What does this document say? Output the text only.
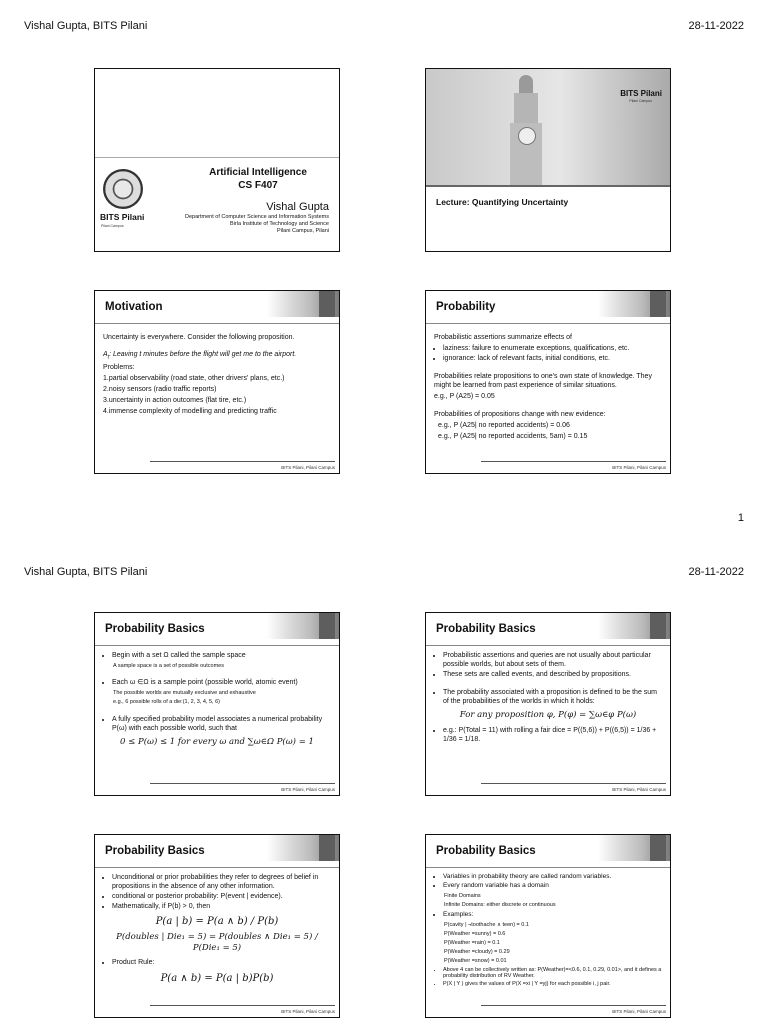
Vishal Gupta, BITS Pilani	28-11-2022
BITS Pilani
Pilani Campus
Artificial Intelligence
CS F407
Vishal Gupta
Department of Computer Science and Information Systems
Birla Institute of Technology and Science
Pilani Campus, Pilani
BITS Pilani
Pilani Campus
Lecture: Quantifying Uncertainty
Motivation

Uncertainty is everywhere. Consider the following proposition.

$A_t$: Leaving t minutes before the flight will get me to the airport.

Problems:

1.partial observability (road state, other drivers' plans, etc.)

2.noisy sensors (radio traffic reports)

3.uncertainty in action outcomes (flat tire, etc.)

4.immense complexity of modelling and predicting traffic

BITS Pilani, Pilani Campus
Probability

Probabilistic assertions summarize effects of

• laziness: failure to enumerate exceptions, qualifications, etc.
• ignorance: lack of relevant facts, initial conditions, etc.

Probabilities relate propositions to one's own state of knowledge. They might be learned from past experience of similar situations.

e.g., P (A25) = 0.05

Probabilities of propositions change with new evidence:

e.g., P (A25| no reported accidents) = 0.06

e.g., P (A25| no reported accidents, 5am) = 0.15

BITS Pilani, Pilani Campus
1
Vishal Gupta, BITS Pilani	28-11-2022
Probability Basics
• Begin with a set Ω called the sample space

A sample space is a set of possible outcomes

• Each ω ∈Ω is a sample point (possible world, atomic event)

The possible worlds are mutually exclusive and exhaustive

e.g., 6 possible rolls of a die:(1, 2, 3, 4, 5, 6)

• A fully specified probability model associates a numerical probability P(ω) with each possible world, such that
0 ≤ P(ω) ≤ 1 for every ω and ∑ω∈Ω P(ω) = 1
BITS Pilani, Pilani Campus
Probability Basics
• Probabilistic assertions and queries are not usually about particular possible worlds, but about sets of them.
• These sets are called events, and described by propositions.
• The probability associated with a proposition is defined to be the sum of the probabilities of the worlds in which it holds:
For any proposition φ, P(φ) = ∑ω∈φ P(ω)
• e.g.: P(Total = 11) with rolling a fair dice = P((5,6)) + P((6,5)) = 1/36 + 1/36 = 1/18.
BITS Pilani, Pilani Campus
Probability Basics
• Unconditional or prior probabilities they refer to degrees of belief in propositions in the absence of any other information.
• conditional or posterior probability: P(event | evidence).
• Mathematically, if P(b) > 0, then
P(a | b) = P(a ∧ b) / P(b)
P(doubles | Die₁ = 5) = P(doubles ∧ Die₁ = 5) / P(Die₁ = 5)
• Product Rule:
P(a ∧ b) = P(a | b)P(b)
BITS Pilani, Pilani Campus
Probability Basics
• Variables in probability theory are called random variables.
• Every random variable has a domain

Finite Domains

Infinite Domains: either discrete or continuous

• Examples:

P(cavity | ¬toothache ∧ teen) = 0.1

P(Weather =sunny) = 0.6

P(Weather =rain) = 0.1

P(Weather =cloudy) = 0.29

P(Weather =snow) = 0.01

• Above 4 can be collectively written as: P(Weather)=<0.6, 0.1, 0.29, 0.01>, and it defines a probability distribution of RV Weather.
• P(X | Y ) gives the values of P(X =xi | Y =yj) for each possible i, j pair.
BITS Pilani, Pilani Campus
